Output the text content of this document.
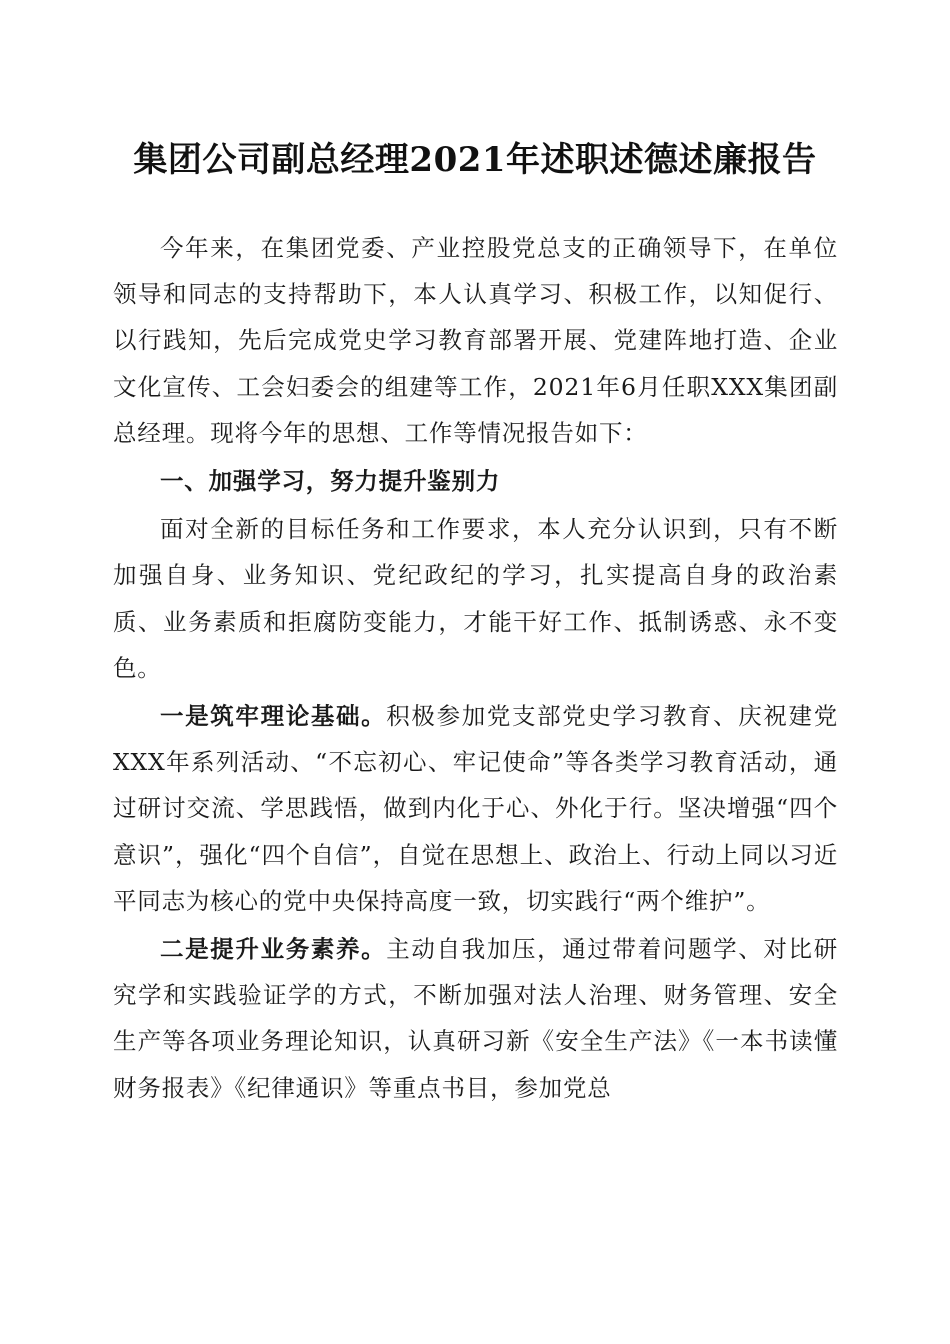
集团公司副总经理2021年述职述德述廉报告

今年来，在集团党委、产业控股党总支的正确领导下，在单位领导和同志的支持帮助下，本人认真学习、积极工作，以知促行、以行践知，先后完成党史学习教育部署开展、党建阵地打造、企业文化宣传、工会妇委会的组建等工作，2021年6月任职XXX集团副总经理。现将今年的思想、工作等情况报告如下：

一、加强学习，努力提升鉴别力

面对全新的目标任务和工作要求，本人充分认识到，只有不断加强自身、业务知识、党纪政纪的学习，扎实提高自身的政治素质、业务素质和拒腐防变能力，才能干好工作、抵制诱惑、永不变色。

一是筑牢理论基础。积极参加党支部党史学习教育、庆祝建党XXX年系列活动、“不忘初心、牢记使命”等各类学习教育活动，通过研讨交流、学思践悟，做到内化于心、外化于行。坚决增强“四个意识”，强化“四个自信”，自觉在思想上、政治上、行动上同以习近平同志为核心的党中央保持高度一致，切实践行“两个维护”。

二是提升业务素养。主动自我加压，通过带着问题学、对比研究学和实践验证学的方式，不断加强对法人治理、财务管理、安全生产等各项业务理论知识，认真研习新《安全生产法》《一本书读懂财务报表》《纪律通识》等重点书目，参加党总
